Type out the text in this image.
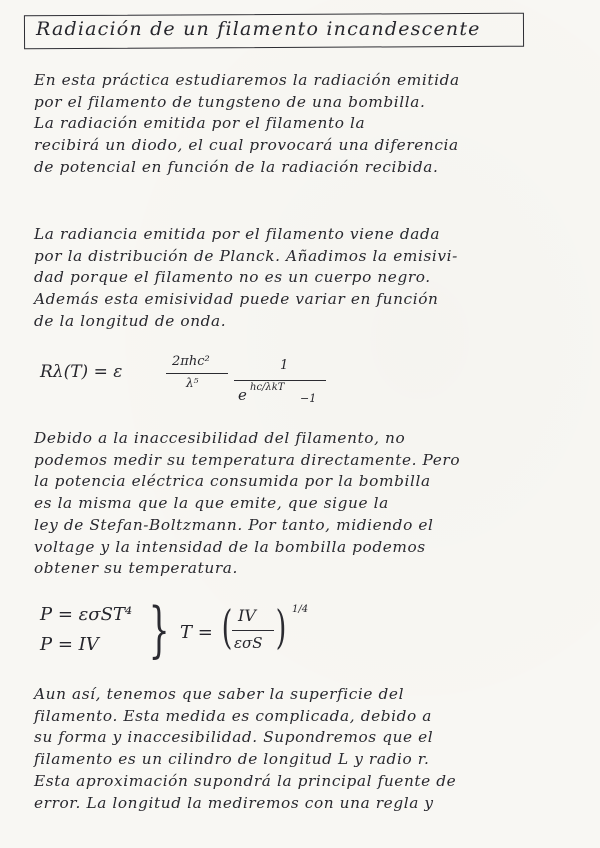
Radiación de un filamento incandescente
En esta práctica estudiaremos la radiación emitida
por el filamento de tungsteno de una bombilla.
La radiación emitida por el filamento la
recibirá un diodo, el cual provocará una diferencia
de potencial en función de la radiación recibida.
La radiancia emitida por el filamento viene dada
por la distribución de Planck. Añadimos la emisivi-
dad porque el filamento no es un cuerpo negro.
Además esta emisividad puede variar en función
de la longitud de onda.
Rλ(T) = ε
2πhc²
λ⁵
1
e hc/λkT
−1
Debido a la inaccesibilidad del filamento, no
podemos medir su temperatura directamente. Pero
la potencia eléctrica consumida por la bombilla
es la misma que la que emite, que sigue la
ley de Stefan-Boltzmann. Por tanto, midiendo el
voltage y la intensidad de la bombilla podemos
obtener su temperatura.
P = εσST⁴
P = IV } T = ( IV
εσS ) 1/4
Aun así, tenemos que saber la superficie del
filamento. Esta medida es complicada, debido a
su forma y inaccesibilidad. Supondremos que el
filamento es un cilindro de longitud L y radio r.
Esta aproximación supondrá la principal fuente de
error. La longitud la mediremos con una regla y
